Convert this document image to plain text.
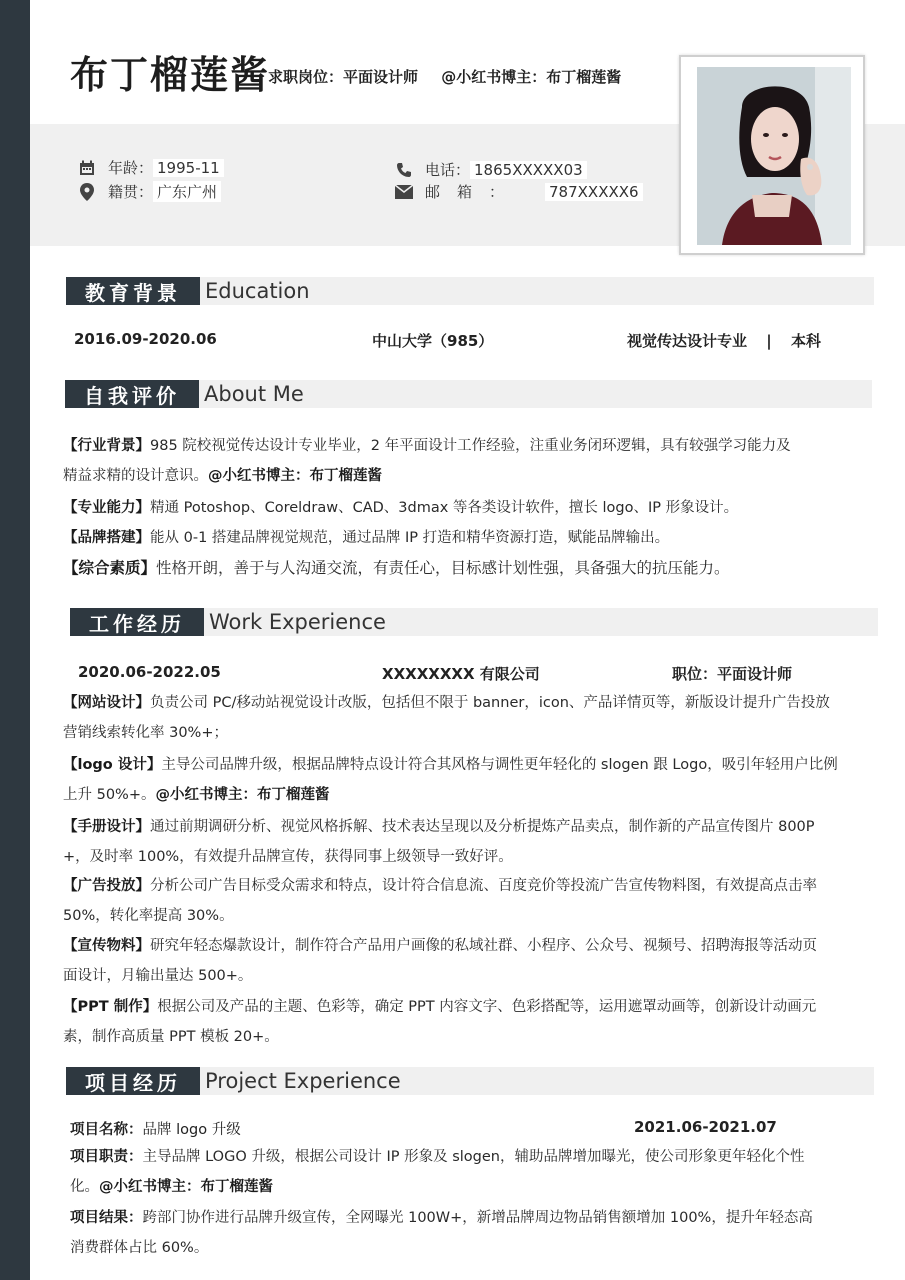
布丁榴莲酱
求职岗位：平面设计师 @小红书博主：布丁榴莲酱
年龄： 1995-11
籍贯： 广东广州
电话： 1865XXXXX03
邮　箱　：	787XXXXX6
教育背景	Education
2016.09-2020.06	中山大学（985）	视觉传达设计专业 | 本科
自我评价	About Me
【行业背景】985 院校视觉传达设计专业毕业，2 年平面设计工作经验，注重业务闭环逻辑，具有较强学习能力及
精益求精的设计意识。@小红书博主：布丁榴莲酱
【专业能力】精通 Potoshop、Coreldraw、CAD、3dmax 等各类设计软件，擅长 logo、IP 形象设计。
【品牌搭建】能从 0-1 搭建品牌视觉规范，通过品牌 IP 打造和精华资源打造，赋能品牌输出。
【综合素质】性格开朗，善于与人沟通交流，有责任心，目标感计划性强，具备强大的抗压能力。
工作经历	Work Experience
2020.06-2022.05	XXXXXXXX 有限公司	职位：平面设计师
【网站设计】负责公司 PC/移动站视觉设计改版，包括但不限于 banner，icon、产品详情页等，新版设计提升广告投放
营销线索转化率 30%+；
【logo 设计】主导公司品牌升级，根据品牌特点设计符合其风格与调性更年轻化的 slogen 跟 Logo，吸引年轻用户比例
上升 50%+。@小红书博主：布丁榴莲酱
【手册设计】通过前期调研分析、视觉风格拆解、技术表达呈现以及分析提炼产品卖点，制作新的产品宣传图片 800P
+，及时率 100%，有效提升品牌宣传，获得同事上级领导一致好评。
【广告投放】分析公司广告目标受众需求和特点，设计符合信息流、百度竞价等投流广告宣传物料图，有效提高点击率
50%，转化率提高 30%。
【宣传物料】研究年轻态爆款设计，制作符合产品用户画像的私域社群、小程序、公众号、视频号、招聘海报等活动页
面设计，月输出量达 500+。
【PPT 制作】根据公司及产品的主题、色彩等，确定 PPT 内容文字、色彩搭配等，运用遮罩动画等，创新设计动画元
素，制作高质量 PPT 模板 20+。
项目经历	Project Experience
项目名称：品牌 logo 升级	2021.06-2021.07
项目职责：主导品牌 LOGO 升级，根据公司设计 IP 形象及 slogen，辅助品牌增加曝光，使公司形象更年轻化个性
化。@小红书博主：布丁榴莲酱
项目结果：跨部门协作进行品牌升级宣传，全网曝光 100W+，新增品牌周边物品销售额增加 100%，提升年轻态高
消费群体占比 60%。
